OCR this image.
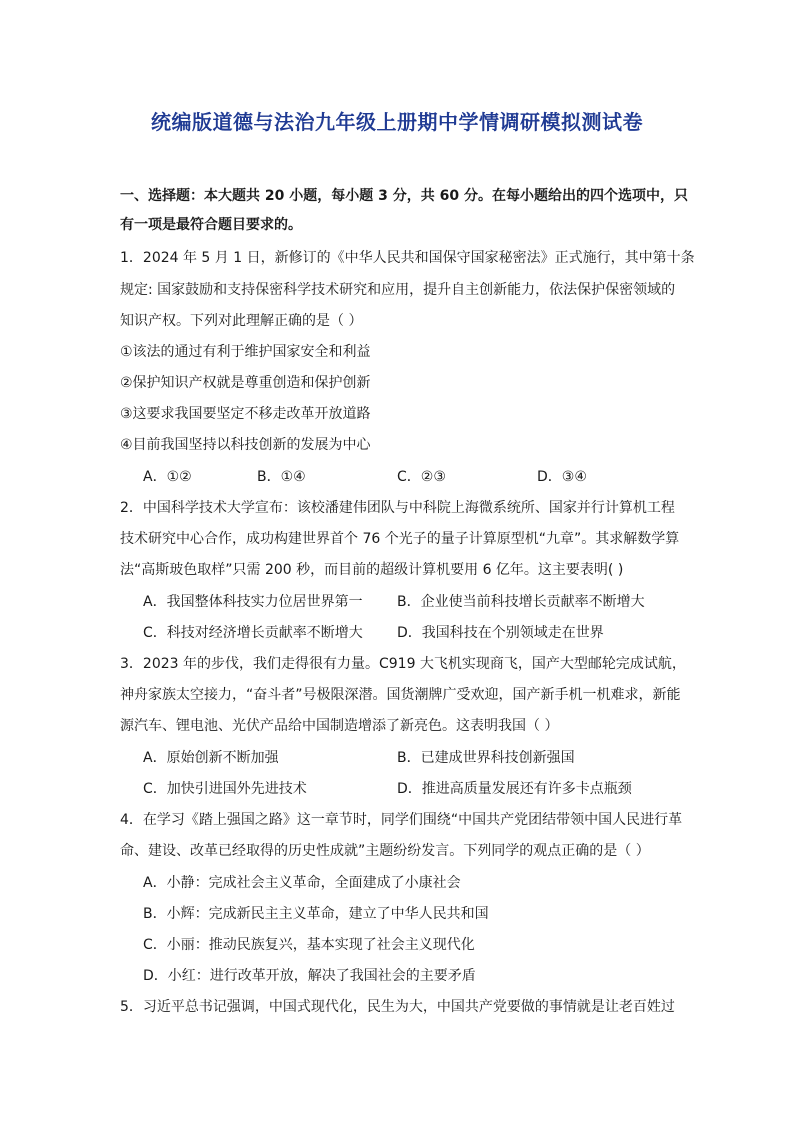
统编版道德与法治九年级上册期中学情调研模拟测试卷
一、选择题：本大题共 20 小题，每小题 3 分，共 60 分。在每小题给出的四个选项中，只
有一项是最符合题目要求的。
1．2024 年 5 月 1 日，新修订的《中华人民共和国保守国家秘密法》正式施行，其中第十条
规定: 国家鼓励和支持保密科学技术研究和应用，提升自主创新能力，依法保护保密领域的
知识产权。下列对此理解正确的是（ ）
①该法的通过有利于维护国家安全和利益
②保护知识产权就是尊重创造和保护创新
③这要求我国要坚定不移走改革开放道路
④目前我国坚持以科技创新的发展为中心
A．①②	B．①④	C．②③	D．③④
2．中国科学技术大学宣布：该校潘建伟团队与中科院上海微系统所、国家并行计算机工程
技术研究中心合作，成功构建世界首个 76 个光子的量子计算原型机“九章”。其求解数学算
法“高斯玻色取样”只需 200 秒，而目前的超级计算机要用 6 亿年。这主要表明( )
A．我国整体科技实力位居世界第一 B．企业使当前科技增长贡献率不断增大
C．科技对经济增长贡献率不断增大 D．我国科技在个别领域走在世界
3．2023 年的步伐，我们走得很有力量。C919 大飞机实现商飞，国产大型邮轮完成试航，
神舟家族太空接力，“奋斗者”号极限深潜。国货潮牌广受欢迎，国产新手机一机难求，新能
源汽车、锂电池、光伏产品给中国制造增添了新亮色。这表明我国（ ）
A．原始创新不断加强	B．已建成世界科技创新强国
C．加快引进国外先进技术	D．推进高质量发展还有许多卡点瓶颈
4．在学习《踏上强国之路》这一章节时，同学们围绕“中国共产党团结带领中国人民进行革
命、建设、改革已经取得的历史性成就”主题纷纷发言。下列同学的观点正确的是（ ）
A．小静：完成社会主义革命，全面建成了小康社会
B．小辉：完成新民主主义革命，建立了中华人民共和国
C．小丽：推动民族复兴，基本实现了社会主义现代化
D．小红：进行改革开放，解决了我国社会的主要矛盾
5．习近平总书记强调，中国式现代化，民生为大，中国共产党要做的事情就是让老百姓过
